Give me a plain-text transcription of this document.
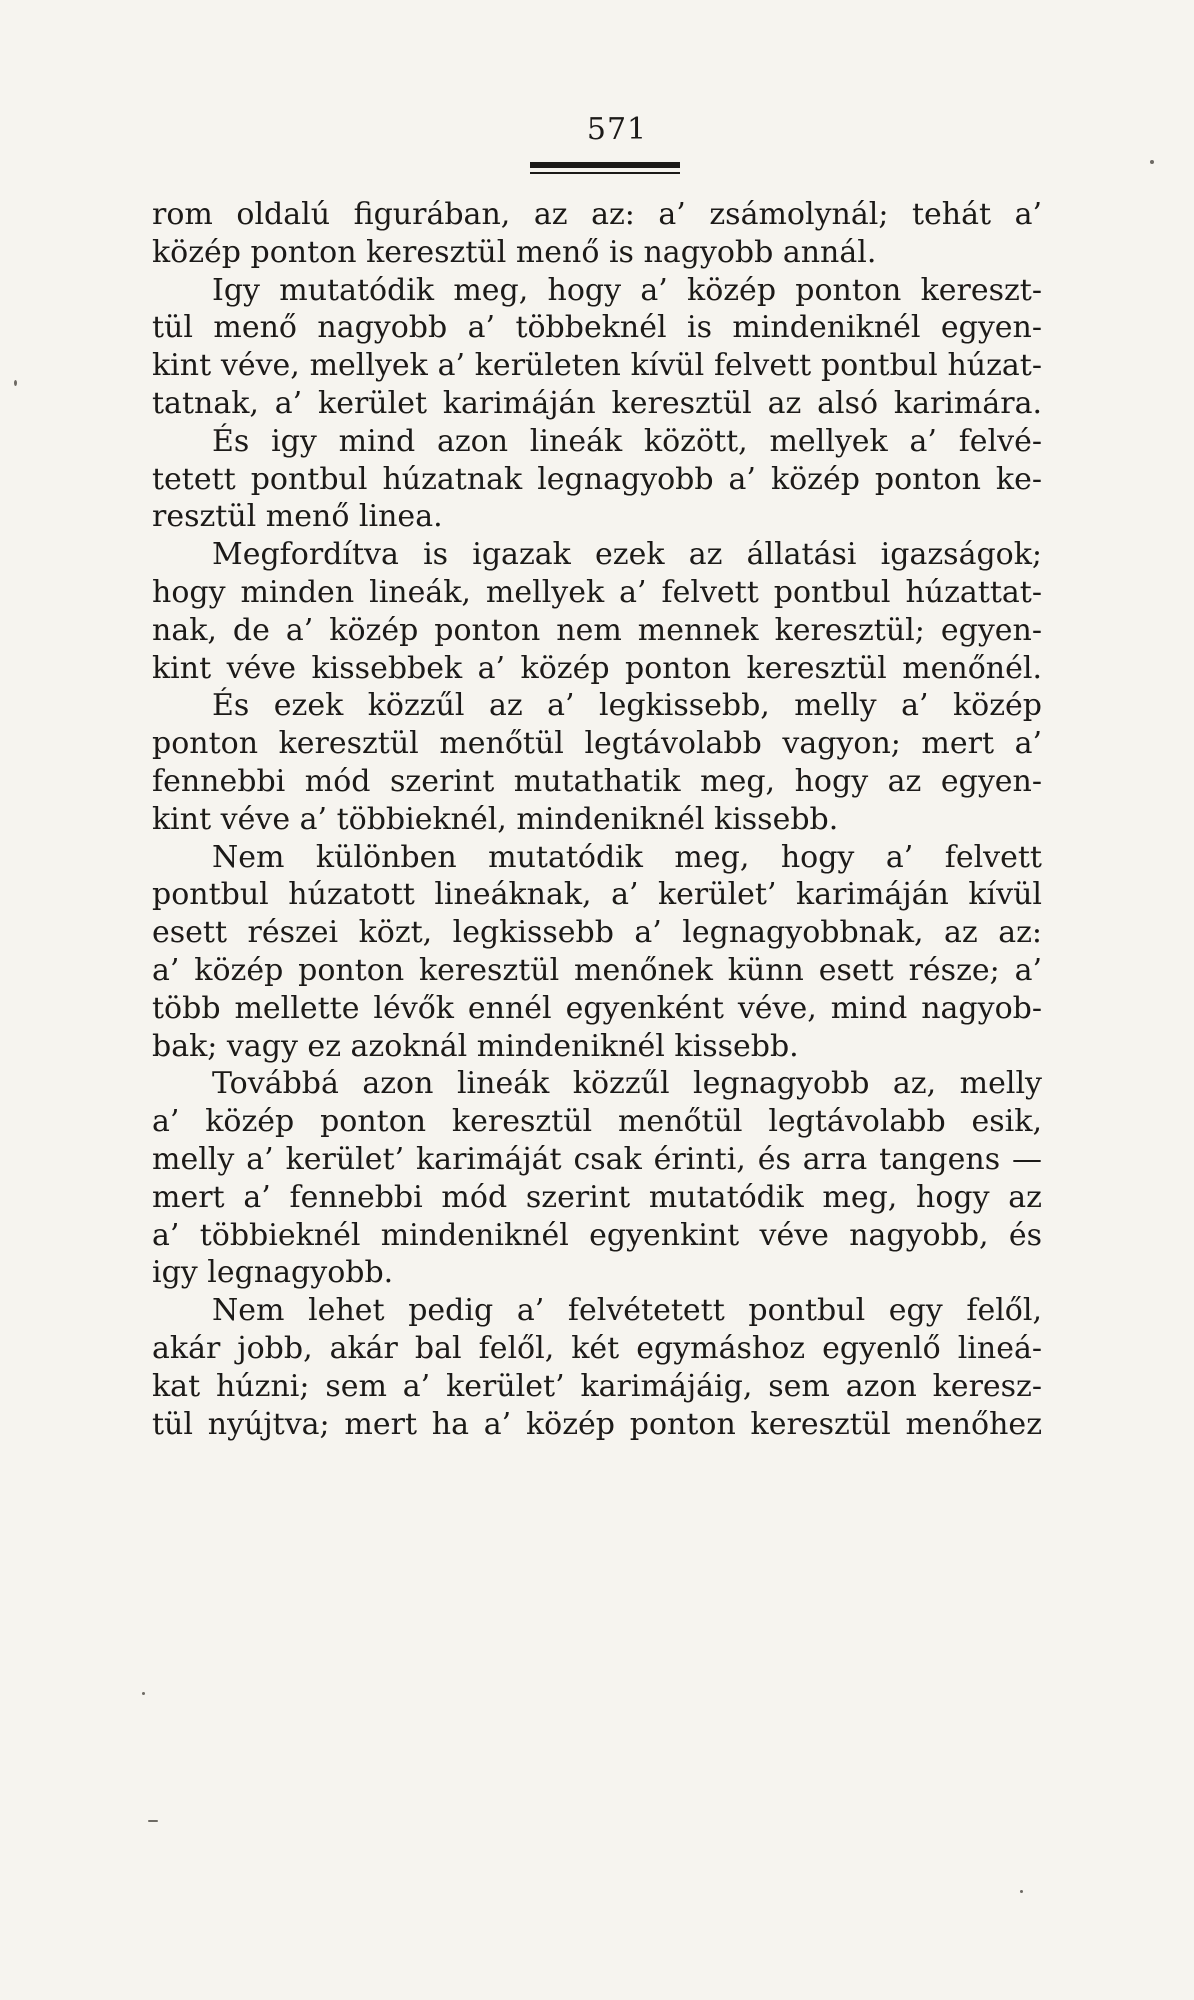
571
rom oldalú figurában, az az: a’ zsámolynál; tehát a’
közép ponton keresztül menő is nagyobb annál.
Igy mutatódik meg, hogy a’ közép ponton kereszt-
tül menő nagyobb a’ többeknél is mindeniknél egyen-
kint véve, mellyek a’ kerületen kívül felvett pontbul húzat-
tatnak, a’ kerület karimáján keresztül az alsó karimára.
És igy mind azon lineák között, mellyek a’ felvé-
tetett pontbul húzatnak legnagyobb a’ közép ponton ke-
resztül menő linea.
Megfordítva is igazak ezek az állatási igazságok;
hogy minden lineák, mellyek a’ felvett pontbul húzattat-
nak, de a’ közép ponton nem mennek keresztül; egyen-
kint véve kissebbek a’ közép ponton keresztül menőnél.
És ezek közzűl az a’ legkissebb, melly a’ közép
ponton keresztül menőtül legtávolabb vagyon; mert a’
fennebbi mód szerint mutathatik meg, hogy az egyen-
kint véve a’ többieknél, mindeniknél kissebb.
Nem különben mutatódik meg, hogy a’ felvett
pontbul húzatott lineáknak, a’ kerület’ karimáján kívül
esett részei közt, legkissebb a’ legnagyobbnak, az az:
a’ közép ponton keresztül menőnek künn esett része; a’
több mellette lévők ennél egyenként véve, mind nagyob-
bak; vagy ez azoknál mindeniknél kissebb.
Továbbá azon lineák közzűl legnagyobb az, melly
a’ közép ponton keresztül menőtül legtávolabb esik,
melly a’ kerület’ karimáját csak érinti, és arra tangens —
mert a’ fennebbi mód szerint mutatódik meg, hogy az
a’ többieknél mindeniknél egyenkint véve nagyobb, és
igy legnagyobb.
Nem lehet pedig a’ felvétetett pontbul egy felől,
akár jobb, akár bal felől, két egymáshoz egyenlő lineá-
kat húzni; sem a’ kerület’ karimájáig, sem azon keresz-
tül nyújtva; mert ha a’ közép ponton keresztül menőhez
